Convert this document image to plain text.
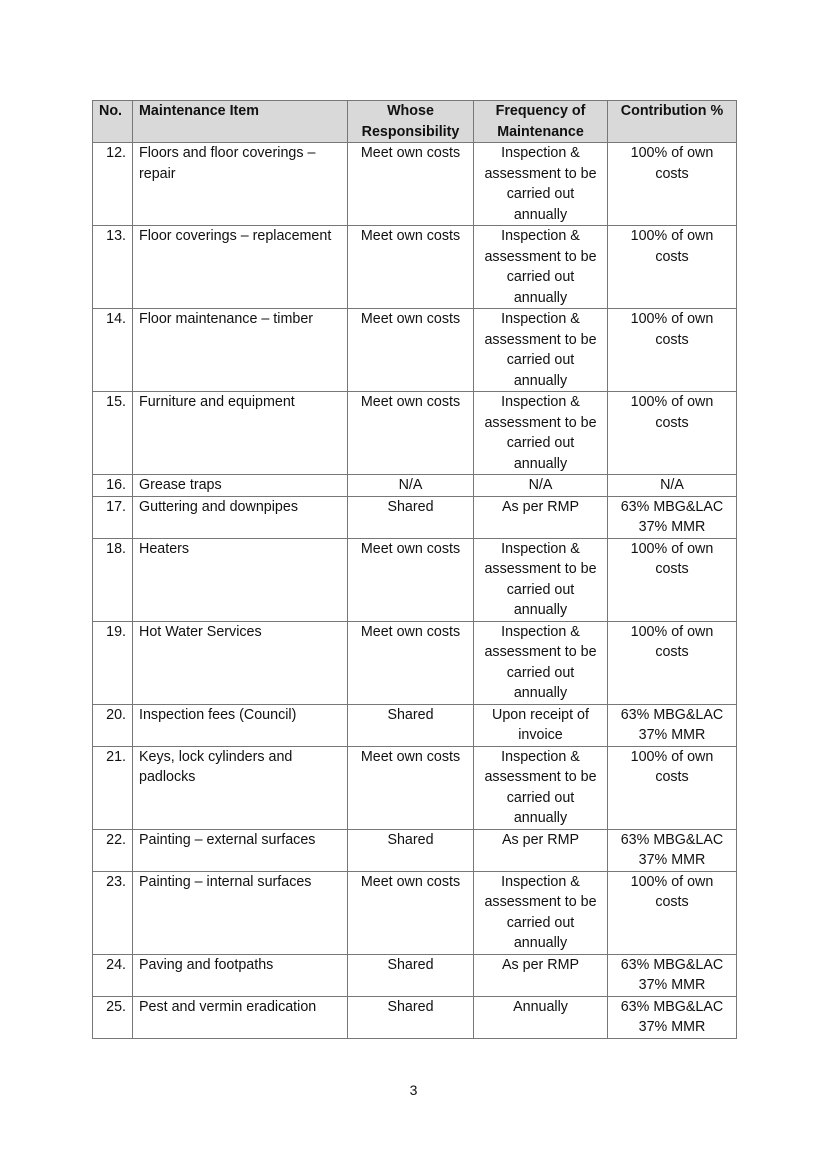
No.	Maintenance Item	Whose Responsibility	Frequency of Maintenance	Contribution %
12.	Floors and floor coverings – repair	Meet own costs	Inspection & assessment to be carried out annually	100% of own costs
13.	Floor coverings – replacement	Meet own costs	Inspection & assessment to be carried out annually	100% of own costs
14.	Floor maintenance – timber	Meet own costs	Inspection & assessment to be carried out annually	100% of own costs
15.	Furniture and equipment	Meet own costs	Inspection & assessment to be carried out annually	100% of own costs
16.	Grease traps	N/A	N/A	N/A
17.	Guttering and downpipes	Shared	As per RMP	63% MBG&LAC 37% MMR
18.	Heaters	Meet own costs	Inspection & assessment to be carried out annually	100% of own costs
19.	Hot Water Services	Meet own costs	Inspection & assessment to be carried out annually	100% of own costs
20.	Inspection fees (Council)	Shared	Upon receipt of invoice	63% MBG&LAC 37% MMR
21.	Keys, lock cylinders and padlocks	Meet own costs	Inspection & assessment to be carried out annually	100% of own costs
22.	Painting – external surfaces	Shared	As per RMP	63% MBG&LAC 37% MMR
23.	Painting – internal surfaces	Meet own costs	Inspection & assessment to be carried out annually	100% of own costs
24.	Paving and footpaths	Shared	As per RMP	63% MBG&LAC 37% MMR
25.	Pest and vermin eradication	Shared	Annually	63% MBG&LAC 37% MMR
3
